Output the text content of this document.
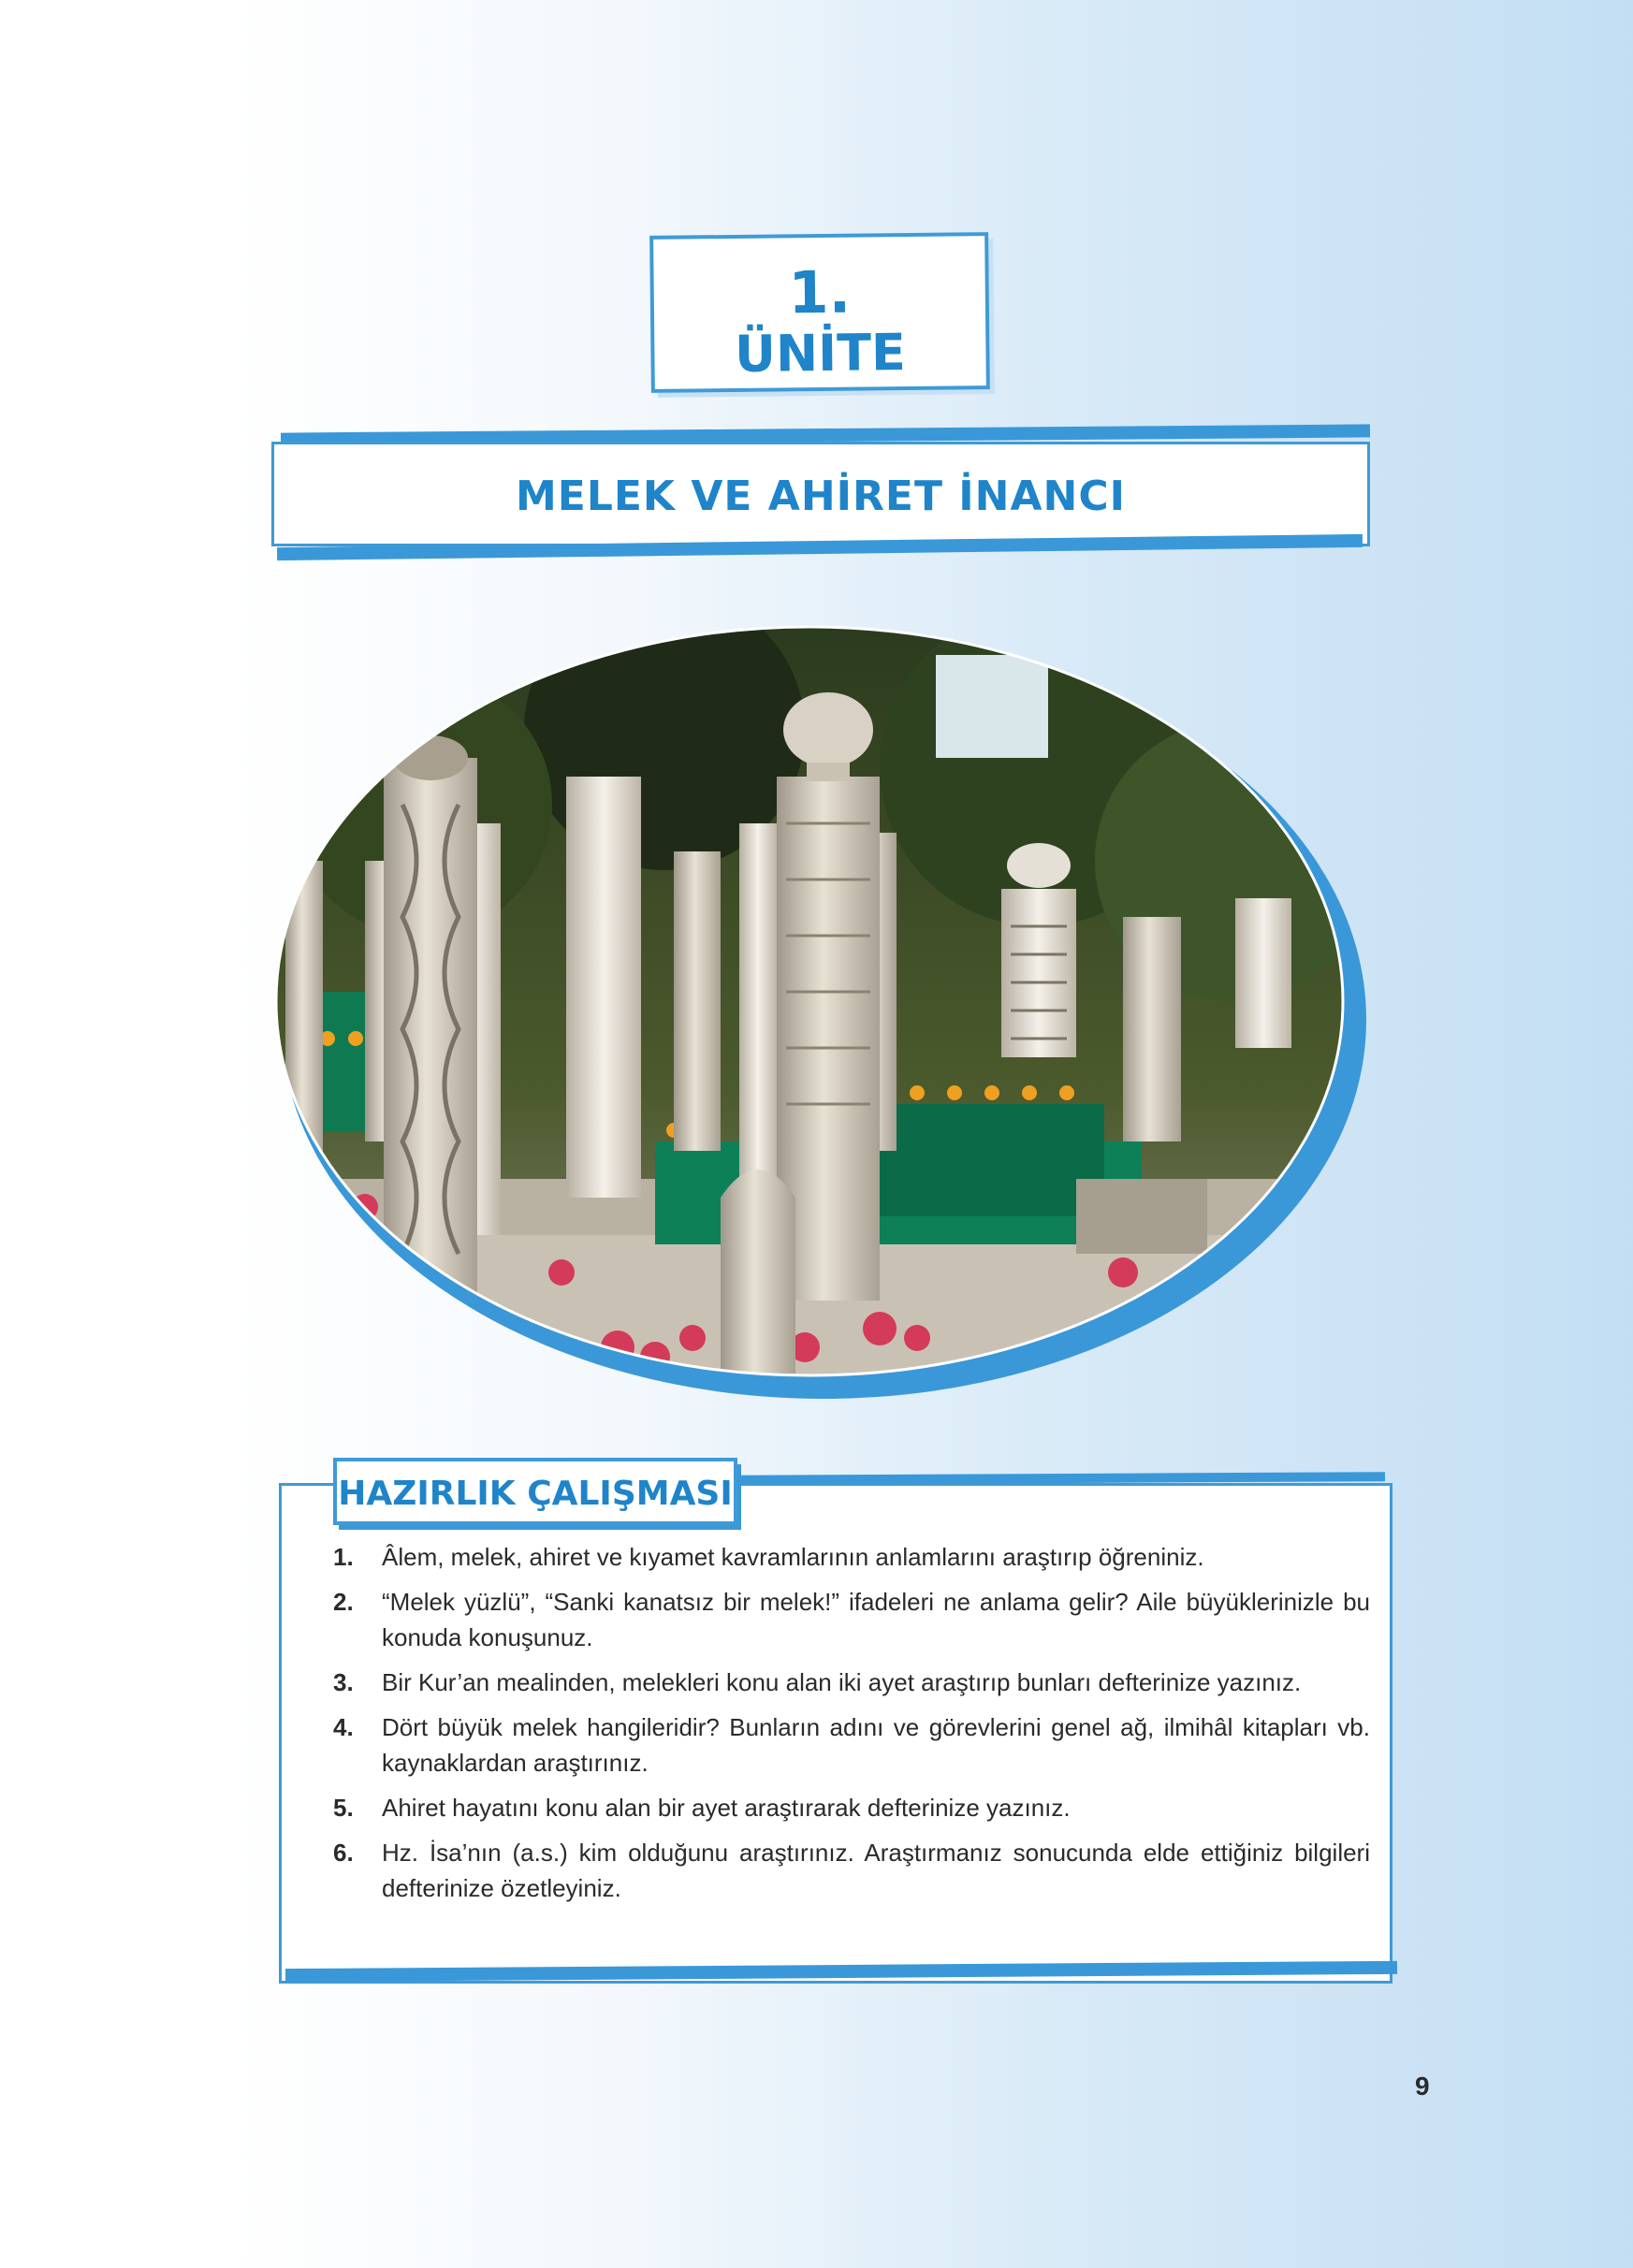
1.
ÜNİTE
MELEK VE AHİRET İNANCI
HAZIRLIK ÇALIŞMASI
1. Âlem, melek, ahiret ve kıyamet kavramlarının anlamlarını araştırıp öğreniniz.
2. “Melek yüzlü”, “Sanki kanatsız bir melek!” ifadeleri ne anlama gelir? Aile büyüklerinizle bu konuda konuşunuz.
3. Bir Kur’an mealinden, melekleri konu alan iki ayet araştırıp bunları defterinize yazınız.
4. Dört büyük melek hangileridir? Bunların adını ve görevlerini genel ağ, ilmihâl kitapları vb. kaynaklardan araştırınız.
5. Ahiret hayatını konu alan bir ayet araştırarak defterinize yazınız.
6. Hz. İsa’nın (a.s.) kim olduğunu araştırınız. Araştırmanız sonucunda elde ettiğiniz bilgileri defterinize özetleyiniz.
9
